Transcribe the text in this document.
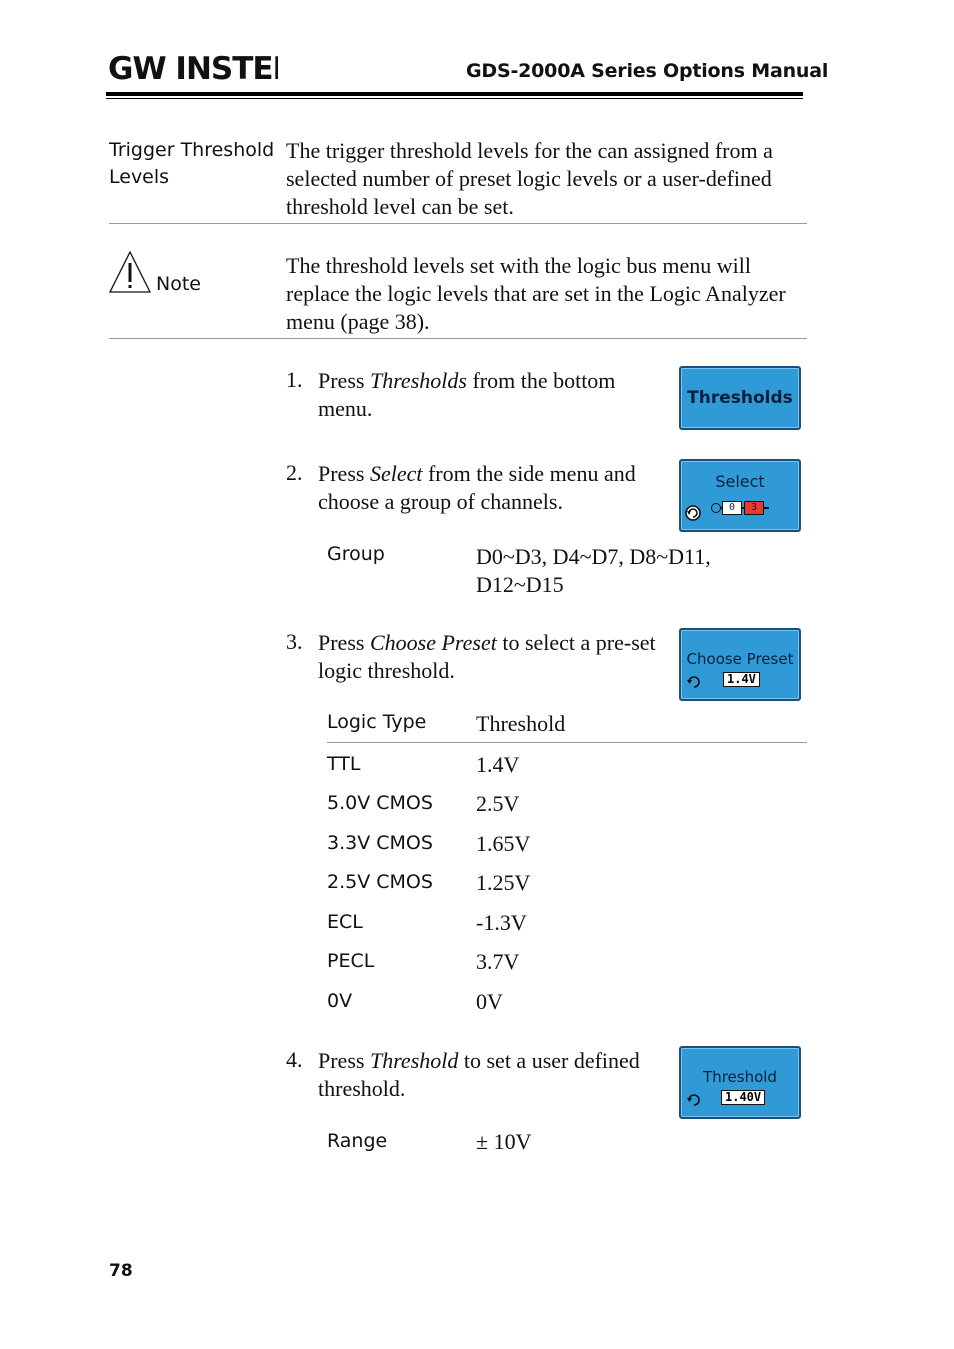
GW INSTEK	GDS-2000A Series Options Manual
Trigger Threshold Levels
The trigger threshold levels for the can assigned from a selected number of preset logic levels or a user-defined threshold level can be set.
Note
The threshold levels set with the logic bus menu will replace the logic levels that are set in the Logic Analyzer menu (page 38).
1. Press Thresholds from the bottom menu.	Thresholds
2. Press Select from the side menu and choose a group of channels.
Select
0	3
Group	D0~D3, D4~D7, D8~D11, D12~D15
3. Press Choose Preset to select a pre-set logic threshold.	Choose Preset
1.4V
Logic Type Threshold
TTL	1.4V
5.0V CMOS 2.5V
3.3V CMOS 1.65V
2.5V CMOS 1.25V
ECL	-1.3V
PECL	3.7V
0V	0V
4. Press Threshold to set a user defined threshold.	Threshold
1.40V
Range	± 10V
78
